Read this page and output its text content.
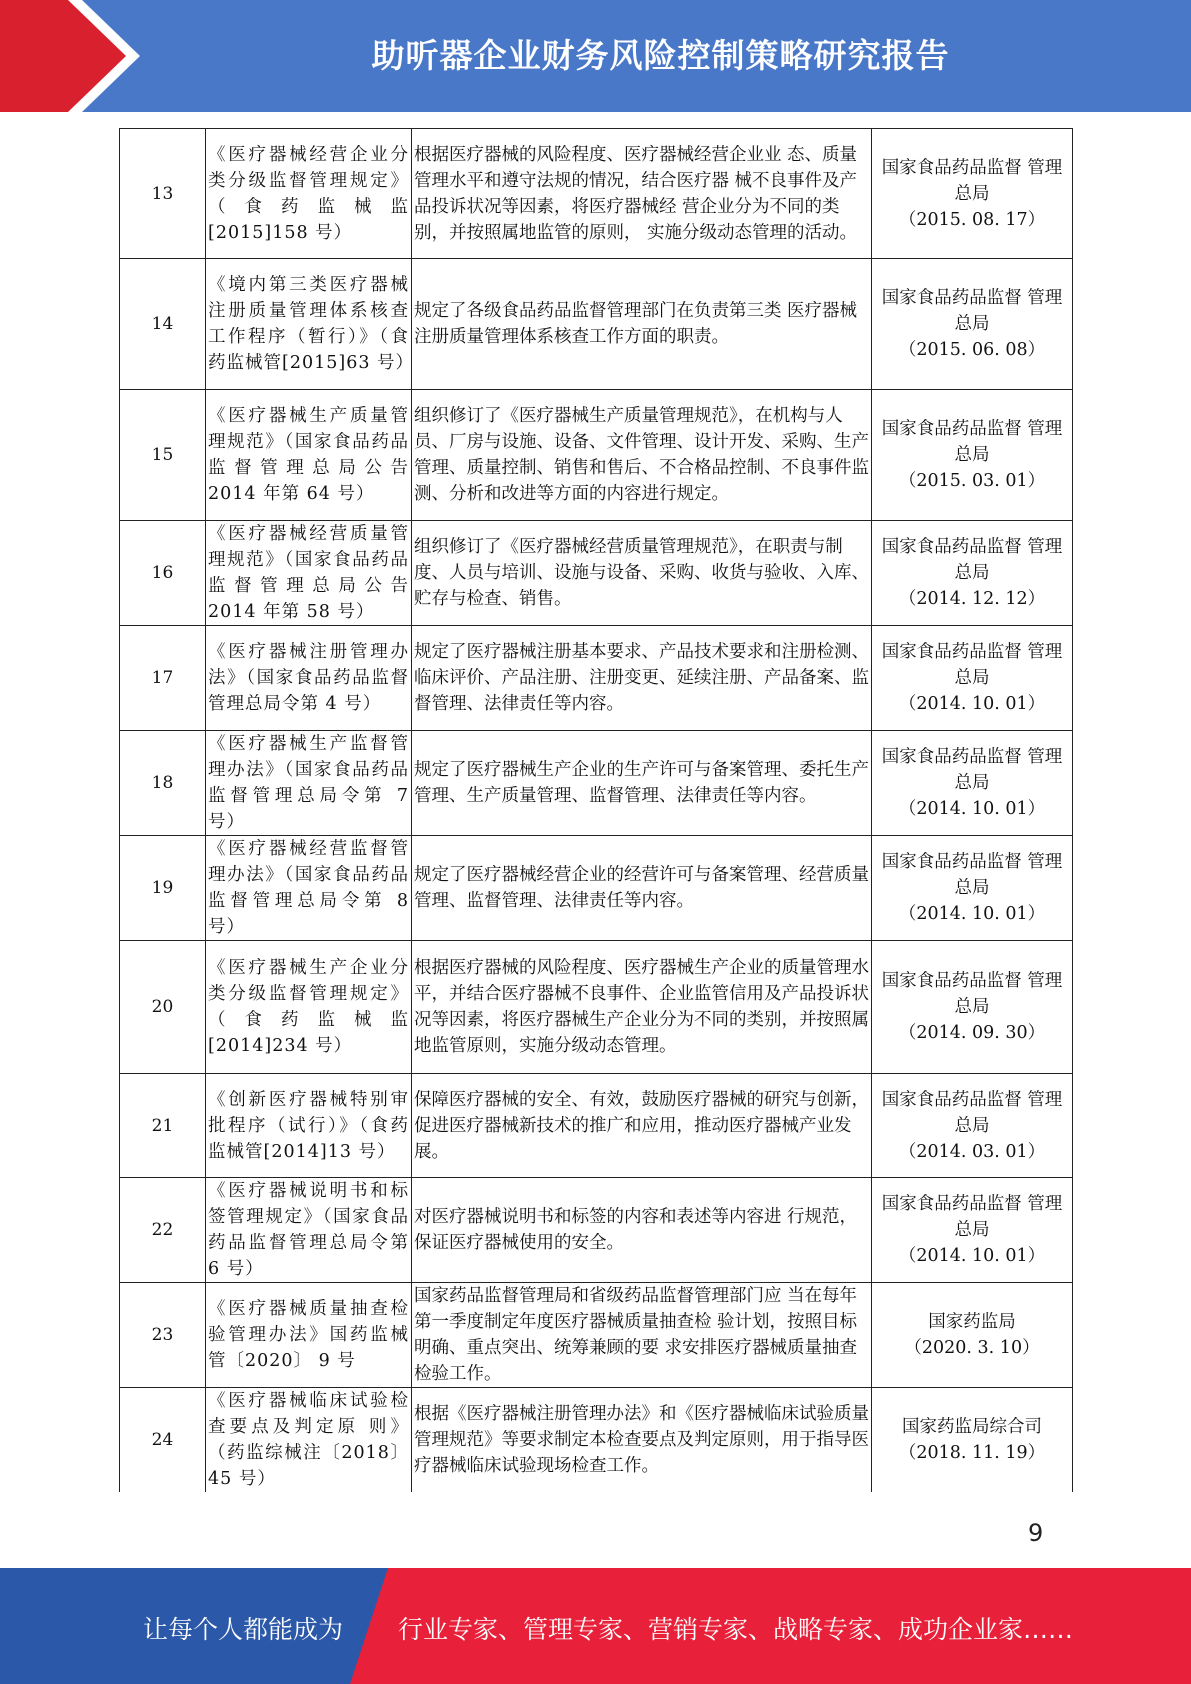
助听器企业财务风险控制策略研究报告
13	《医疗器械经营企业分类分级监督管理规定》（食药监械监[2015]158 号）	根据医疗器械的风险程度、医疗器械经营企业业 态、质量管理水平和遵守法规的情况，结合医疗器 械不良事件及产品投诉状况等因素，将医疗器械经 营企业分为不同的类别，并按照属地监管的原则， 实施分级动态管理的活动。	国家食品药品监督 管理总局
（2015. 08. 17）
14	《境内第三类医疗器械注册质量管理体系核查工作程序（暂行）》（食药监械管[2015]63 号）	规定了各级食品药品监督管理部门在负责第三类 医疗器械注册质量管理体系核查工作方面的职责。	国家食品药品监督 管理总局
（2015. 06. 08）
15	《医疗器械生产质量管理规范》（国家食品药品监督管理总局公告 2014 年第 64 号）	组织修订了《医疗器械生产质量管理规范》，在机构与人员、厂房与设施、设备、文件管理、设计开发、采购、生产管理、质量控制、销售和售后、不合格品控制、不良事件监测、分析和改进等方面的内容进行规定。	国家食品药品监督 管理总局
（2015. 03. 01）
16	《医疗器械经营质量管理规范》（国家食品药品监督管理总局公告 2014 年第 58 号）	组织修订了《医疗器械经营质量管理规范》，在职责与制度、人员与培训、设施与设备、采购、收货与验收、入库、贮存与检查、销售。	国家食品药品监督 管理总局
（2014. 12. 12）
17	《医疗器械注册管理办法》（国家食品药品监督管理总局令第 4 号）	规定了医疗器械注册基本要求、产品技术要求和注册检测、临床评价、产品注册、注册变更、延续注册、产品备案、监督管理、法律责任等内容。	国家食品药品监督 管理总局
（2014. 10. 01）
18	《医疗器械生产监督管理办法》（国家食品药品监督管理总局令第 7 号）	规定了医疗器械生产企业的生产许可与备案管理、委托生产管理、生产质量管理、监督管理、法律责任等内容。	国家食品药品监督 管理总局
（2014. 10. 01）
19	《医疗器械经营监督管理办法》（国家食品药品监督管理总局令第 8 号）	规定了医疗器械经营企业的经营许可与备案管理、经营质量管理、监督管理、法律责任等内容。	国家食品药品监督 管理总局
（2014. 10. 01）
20	《医疗器械生产企业分类分级监督管理规定》（食药监械监[2014]234 号）	根据医疗器械的风险程度、医疗器械生产企业的质量管理水平，并结合医疗器械不良事件、企业监管信用及产品投诉状况等因素，将医疗器械生产企业分为不同的类别，并按照属地监管原则，实施分级动态管理。	国家食品药品监督 管理总局
（2014. 09. 30）
21	《创新医疗器械特别审批程序（试行）》（食药 监械管[2014]13 号）	保障医疗器械的安全、有效，鼓励医疗器械的研究与创新，促进医疗器械新技术的推广和应用，推动医疗器械产业发展。	国家食品药品监督 管理总局
（2014. 03. 01）
22	《医疗器械说明书和标签管理规定》（国家食品药品监督管理总局令第 6 号）	对医疗器械说明书和标签的内容和表述等内容进 行规范，保证医疗器械使用的安全。	国家食品药品监督 管理总局
（2014. 10. 01）
23	《医疗器械质量抽查检验管理办法》国药监械管〔2020〕 9 号	国家药品监督管理局和省级药品监督管理部门应 当在每年第一季度制定年度医疗器械质量抽查检 验计划，按照目标明确、重点突出、统筹兼顾的要 求安排医疗器械质量抽查检验工作。	国家药监局
（2020. 3. 10）
24	《医疗器械临床试验检查要点及判定原 则》（药监综械注〔2018〕 45 号）	根据《医疗器械注册管理办法》和《医疗器械临床试验质量管理规范》等要求制定本检查要点及判定原则，用于指导医疗器械临床试验现场检查工作。	国家药监局综合司
（2018. 11. 19）
9
让每个人都能成为 行业专家、管理专家、营销专家、战略专家、成功企业家……
